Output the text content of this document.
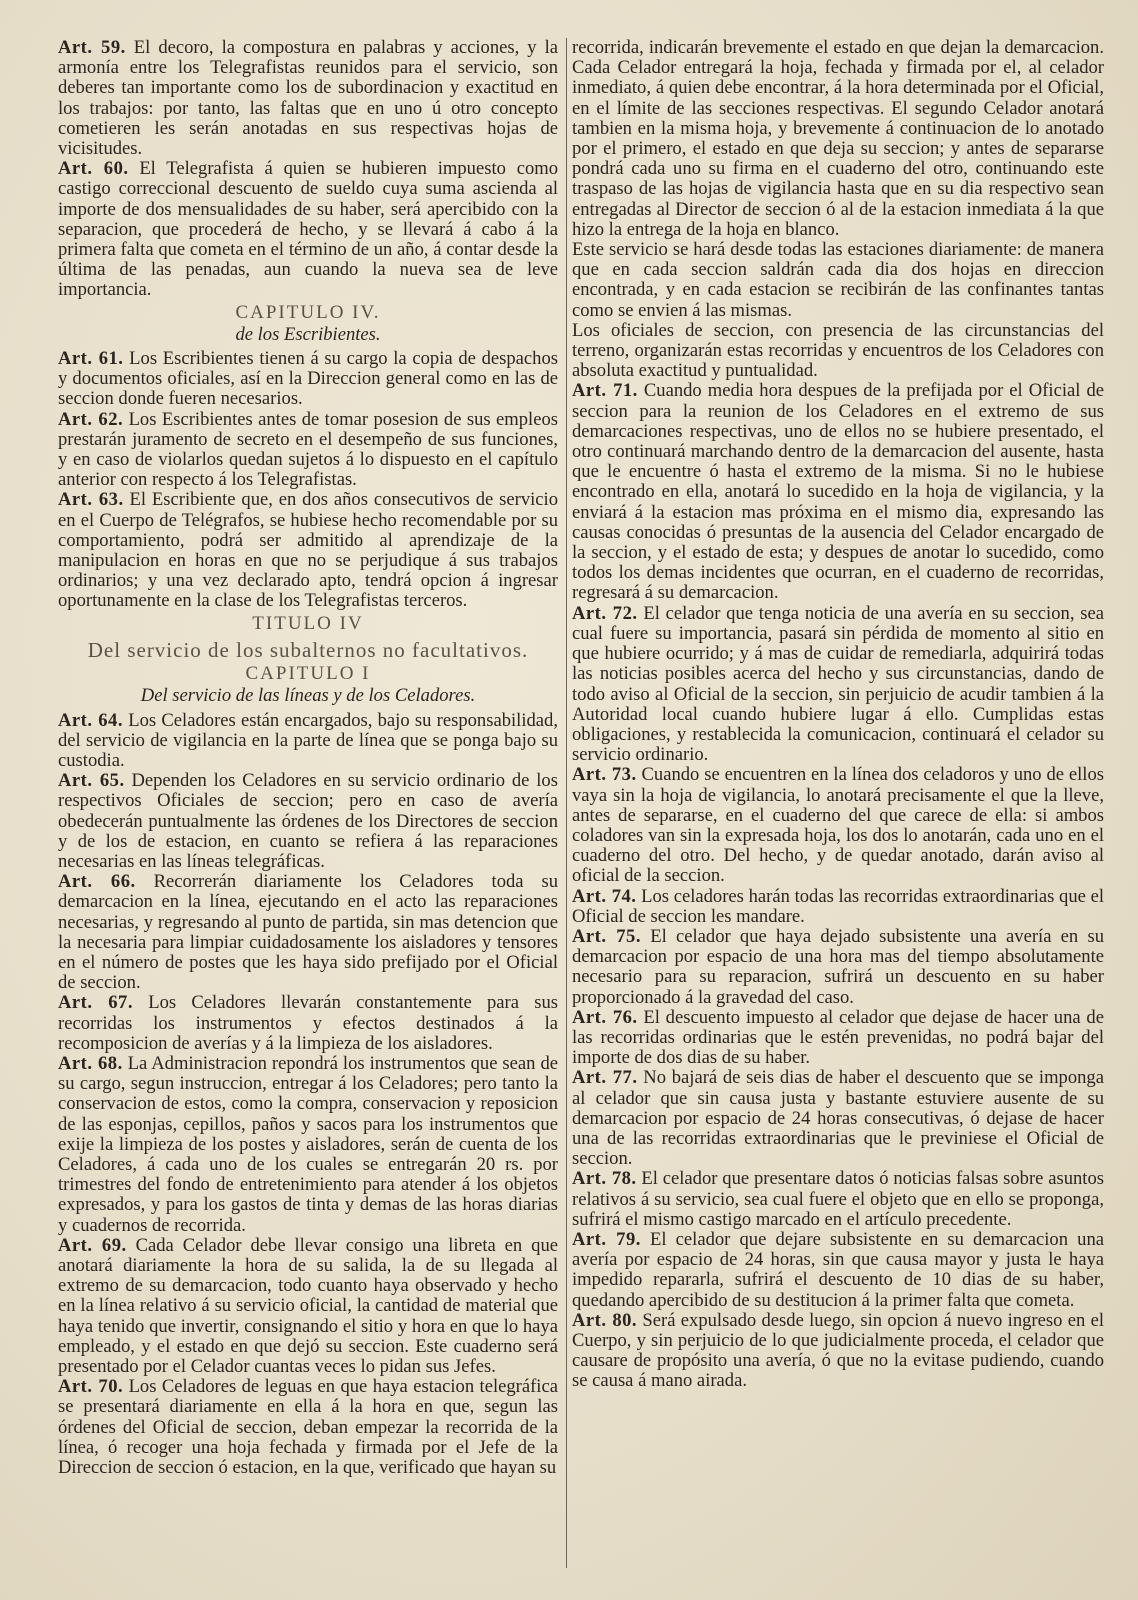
Art. 59. El decoro, la compostura en palabras y acciones, y la armonía entre los Telegrafistas reunidos para el servicio, son deberes tan importante como los de subordinacion y exactitud en los trabajos: por tanto, las faltas que en uno ú otro concepto cometieren les serán anotadas en sus respectivas hojas de vicisitudes.

Art. 60. El Telegrafista á quien se hubieren impuesto como castigo correccional descuento de sueldo cuya suma ascienda al importe de dos mensualidades de su haber, será apercibido con la separacion, que procederá de hecho, y se llevará á cabo á la primera falta que cometa en el término de un año, á contar desde la última de las penadas, aun cuando la nueva sea de leve importancia.

CAPITULO IV.
de los Escribientes.

Art. 61. Los Escribientes tienen á su cargo la copia de despachos y documentos oficiales, así en la Direccion general como en las de seccion donde fueren necesarios.

Art. 62. Los Escribientes antes de tomar posesion de sus empleos prestarán juramento de secreto en el desempeño de sus funciones, y en caso de violarlos quedan sujetos á lo dispuesto en el capítulo anterior con respecto á los Telegrafistas.

Art. 63. El Escribiente que, en dos años consecutivos de servicio en el Cuerpo de Telégrafos, se hubiese hecho recomendable por su comportamiento, podrá ser admitido al aprendizaje de la manipulacion en horas en que no se perjudique á sus trabajos ordinarios; y una vez declarado apto, tendrá opcion á ingresar oportunamente en la clase de los Telegrafistas terceros.

TITULO IV
Del servicio de los subalternos no facultativos.
CAPITULO I
Del servicio de las líneas y de los Celadores.

Art. 64. Los Celadores están encargados, bajo su responsabilidad, del servicio de vigilancia en la parte de línea que se ponga bajo su custodia.

Art. 65. Dependen los Celadores en su servicio ordinario de los respectivos Oficiales de seccion; pero en caso de avería obedecerán puntualmente las órdenes de los Directores de seccion y de los de estacion, en cuanto se refiera á las reparaciones necesarias en las líneas telegráficas.

Art. 66. Recorrerán diariamente los Celadores toda su demarcacion en la línea, ejecutando en el acto las reparaciones necesarias, y regresando al punto de partida, sin mas detencion que la necesaria para limpiar cuidadosamente los aisladores y tensores en el número de postes que les haya sido prefijado por el Oficial de seccion.

Art. 67. Los Celadores llevarán constantemente para sus recorridas los instrumentos y efectos destinados á la recomposicion de averías y á la limpieza de los aisladores.

Art. 68. La Administracion repondrá los instrumentos que sean de su cargo, segun instruccion, entregar á los Celadores; pero tanto la conservacion de estos, como la compra, conservacion y reposicion de las esponjas, cepillos, paños y sacos para los instrumentos que exije la limpieza de los postes y aisladores, serán de cuenta de los Celadores, á cada uno de los cuales se entregarán 20 rs. por trimestres del fondo de entretenimiento para atender á los objetos expresados, y para los gastos de tinta y demas de las horas diarias y cuadernos de recorrida.

Art. 69. Cada Celador debe llevar consigo una libreta en que anotará diariamente la hora de su salida, la de su llegada al extremo de su demarcacion, todo cuanto haya observado y hecho en la línea relativo á su servicio oficial, la cantidad de material que haya tenido que invertir, consignando el sitio y hora en que lo haya empleado, y el estado en que dejó su seccion. Este cuaderno será presentado por el Celador cuantas veces lo pidan sus Jefes.

Art. 70. Los Celadores de leguas en que haya estacion telegráfica se presentará diariamente en ella á la hora en que, segun las órdenes del Oficial de seccion, deban empezar la recorrida de la línea, ó recoger una hoja fechada y firmada por el Jefe de la Direccion de seccion ó estacion, en la que, verificado que hayan su

recorrida, indicarán brevemente el estado en que dejan la demarcacion. Cada Celador entregará la hoja, fechada y firmada por el, al celador inmediato, á quien debe encontrar, á la hora determinada por el Oficial, en el límite de las secciones respectivas. El segundo Celador anotará tambien en la misma hoja, y brevemente á continuacion de lo anotado por el primero, el estado en que deja su seccion; y antes de separarse pondrá cada uno su firma en el cuaderno del otro, continuando este traspaso de las hojas de vigilancia hasta que en su dia respectivo sean entregadas al Director de seccion ó al de la estacion inmediata á la que hizo la entrega de la hoja en blanco.

Este servicio se hará desde todas las estaciones diariamente: de manera que en cada seccion saldrán cada dia dos hojas en direccion encontrada, y en cada estacion se recibirán de las confinantes tantas como se envien á las mismas.

Los oficiales de seccion, con presencia de las circunstancias del terreno, organizarán estas recorridas y encuentros de los Celadores con absoluta exactitud y puntualidad.

Art. 71. Cuando media hora despues de la prefijada por el Oficial de seccion para la reunion de los Celadores en el extremo de sus demarcaciones respectivas, uno de ellos no se hubiere presentado, el otro continuará marchando dentro de la demarcacion del ausente, hasta que le encuentre ó hasta el extremo de la misma. Si no le hubiese encontrado en ella, anotará lo sucedido en la hoja de vigilancia, y la enviará á la estacion mas próxima en el mismo dia, expresando las causas conocidas ó presuntas de la ausencia del Celador encargado de la seccion, y el estado de esta; y despues de anotar lo sucedido, como todos los demas incidentes que ocurran, en el cuaderno de recorridas, regresará á su demarcacion.

Art. 72. El celador que tenga noticia de una avería en su seccion, sea cual fuere su importancia, pasará sin pérdida de momento al sitio en que hubiere ocurrido; y á mas de cuidar de remediarla, adquirirá todas las noticias posibles acerca del hecho y sus circunstancias, dando de todo aviso al Oficial de la seccion, sin perjuicio de acudir tambien á la Autoridad local cuando hubiere lugar á ello. Cumplidas estas obligaciones, y restablecida la comunicacion, continuará el celador su servicio ordinario.

Art. 73. Cuando se encuentren en la línea dos celadoros y uno de ellos vaya sin la hoja de vigilancia, lo anotará precisamente el que la lleve, antes de separarse, en el cuaderno del que carece de ella: si ambos coladores van sin la expresada hoja, los dos lo anotarán, cada uno en el cuaderno del otro. Del hecho, y de quedar anotado, darán aviso al oficial de la seccion.

Art. 74. Los celadores harán todas las recorridas extraordinarias que el Oficial de seccion les mandare.

Art. 75. El celador que haya dejado subsistente una avería en su demarcacion por espacio de una hora mas del tiempo absolutamente necesario para su reparacion, sufrirá un descuento en su haber proporcionado á la gravedad del caso.

Art. 76. El descuento impuesto al celador que dejase de hacer una de las recorridas ordinarias que le estén prevenidas, no podrá bajar del importe de dos dias de su haber.

Art. 77. No bajará de seis dias de haber el descuento que se imponga al celador que sin causa justa y bastante estuviere ausente de su demarcacion por espacio de 24 horas consecutivas, ó dejase de hacer una de las recorridas extraordinarias que le previniese el Oficial de seccion.

Art. 78. El celador que presentare datos ó noticias falsas sobre asuntos relativos á su servicio, sea cual fuere el objeto que en ello se proponga, sufrirá el mismo castigo marcado en el artículo precedente.

Art. 79. El celador que dejare subsistente en su demarcacion una avería por espacio de 24 horas, sin que causa mayor y justa le haya impedido repararla, sufrirá el descuento de 10 dias de su haber, quedando apercibido de su destitucion á la primer falta que cometa.

Art. 80. Será expulsado desde luego, sin opcion á nuevo ingreso en el Cuerpo, y sin perjuicio de lo que judicialmente proceda, el celador que causare de propósito una avería, ó que no la evitase pudiendo, cuando se causa á mano airada.
